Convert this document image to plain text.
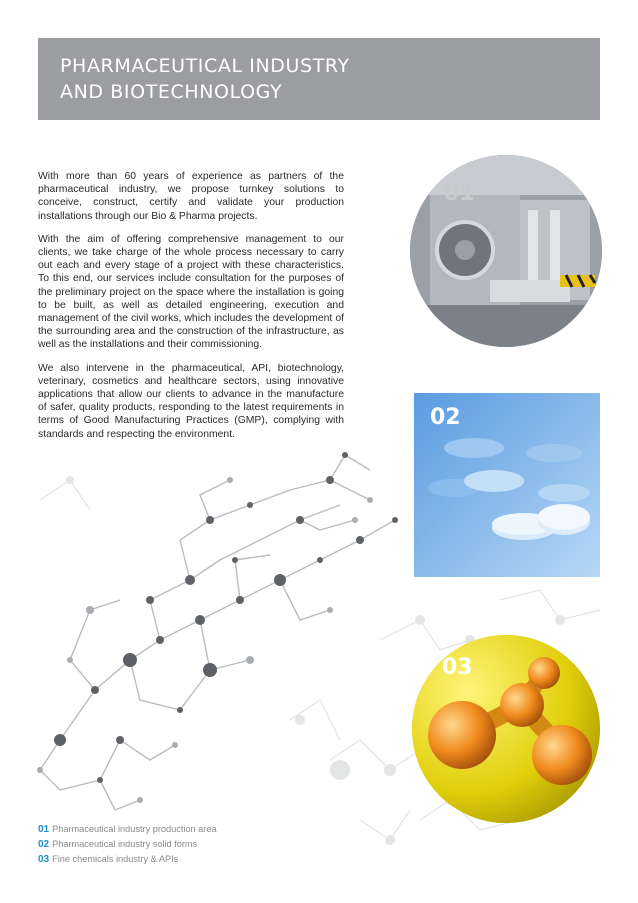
PHARMACEUTICAL INDUSTRY
AND BIOTECHNOLOGY

With more than 60 years of experience as partners of the pharmaceutical industry, we propose turnkey solutions to conceive, construct, certify and validate your production installations through our Bio & Pharma projects.

With the aim of offering comprehensive management to our clients, we take charge of the whole process necessary to carry out each and every stage of a project with these characteristics. To this end, our services include consultation for the purposes of the preliminary project on the space where the installation is going to be built, as well as detailed engineering, execution and management of the civil works, which includes the development of the surrounding area and the construction of the infrastructure, as well as the installations and their commissioning.

We also intervene in the pharmaceutical, API, biotechnology, veterinary, cosmetics and healthcare sectors, using innovative applications that allow our clients to advance in the manufacture of safer, quality products, responding to the latest requirements in terms of Good Manufacturing Practices (GMP), complying with standards and respecting the environment.

01
02
03
01 Pharmaceutical industry production area
02 Pharmaceutical industry solid forms
03 Fine chemicals industry & APIs
